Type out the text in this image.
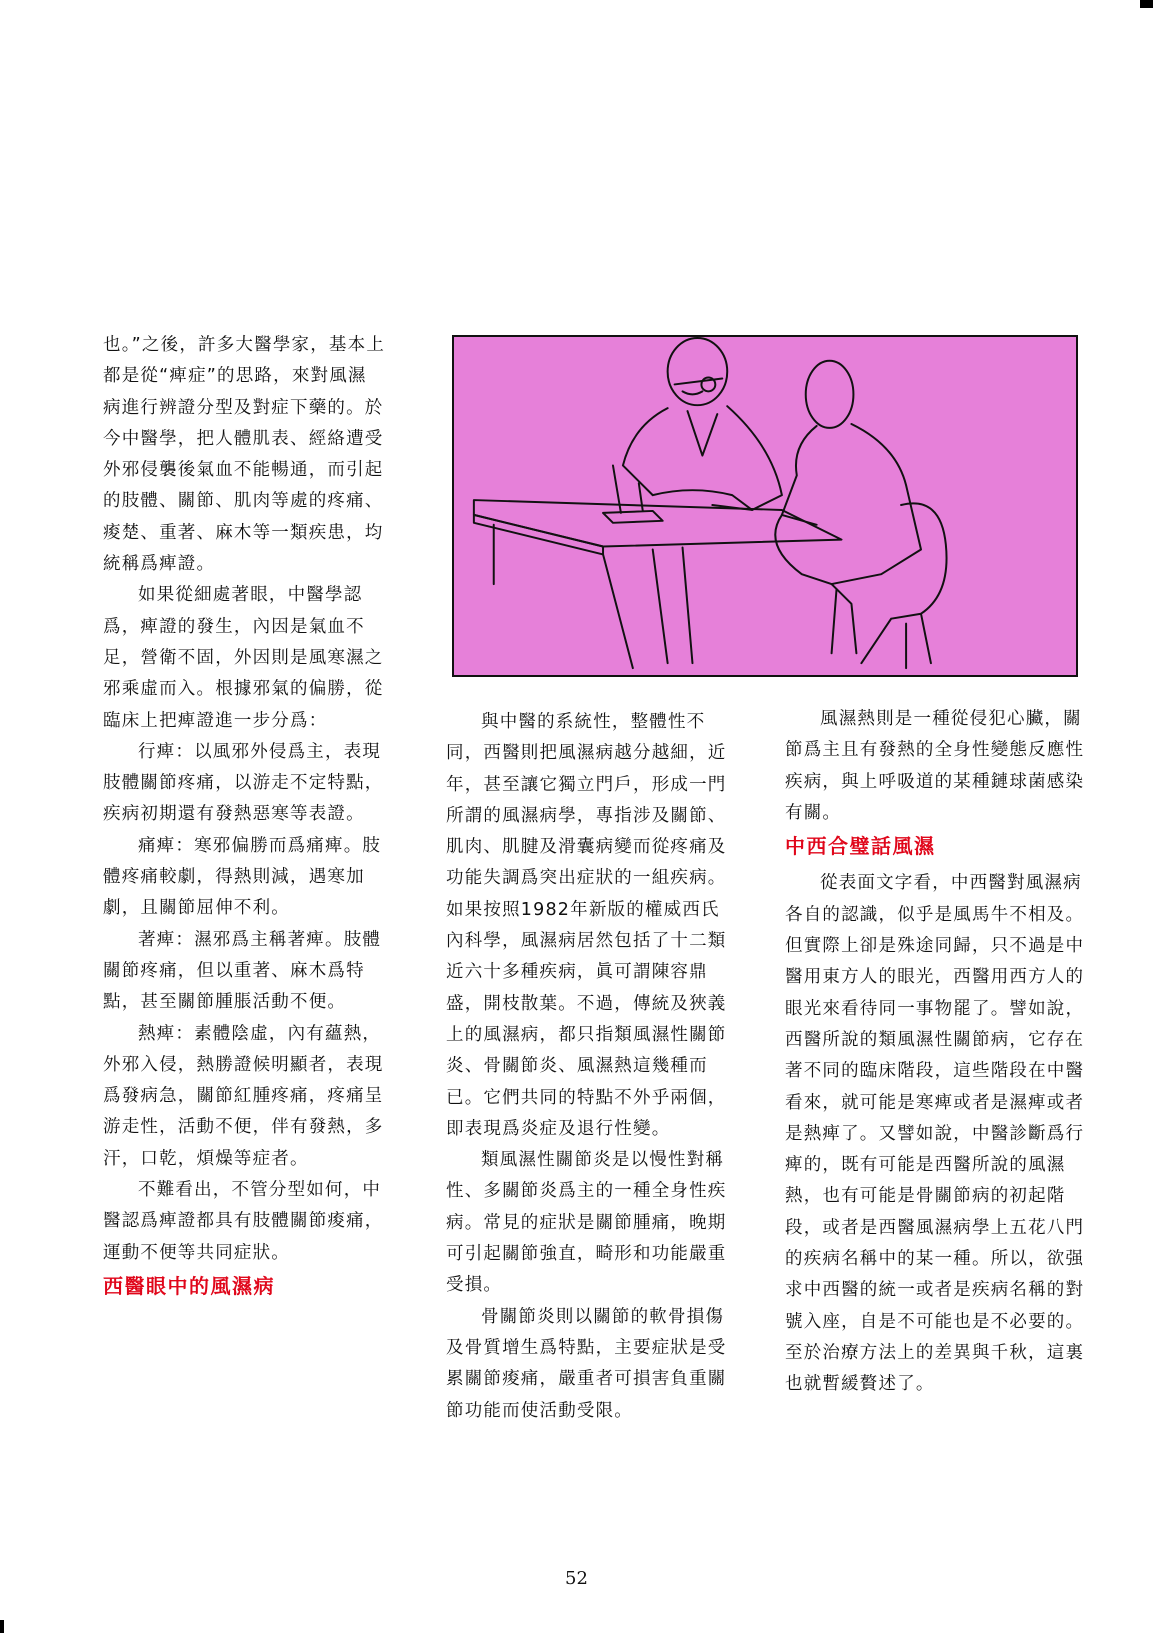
也。”之後，許多大醫學家，基本上都是從“痺症”的思路，來對風濕病進行辨證分型及對症下藥的。於今中醫學，把人體肌表、經絡遭受外邪侵襲後氣血不能暢通，而引起的肢體、關節、肌肉等處的疼痛、痠楚、重著、麻木等一類疾患，均統稱爲痺證。

如果從細處著眼，中醫學認爲，痺證的發生，內因是氣血不足，營衛不固，外因則是風寒濕之邪乘虛而入。根據邪氣的偏勝，從臨床上把痺證進一步分爲：

行痺：以風邪外侵爲主，表現肢體關節疼痛，以游走不定特點，疾病初期還有發熱惡寒等表證。

痛痺：寒邪偏勝而爲痛痺。肢體疼痛較劇，得熱則減，遇寒加劇，且關節屈伸不利。

著痺：濕邪爲主稱著痺。肢體關節疼痛，但以重著、麻木爲特點，甚至關節腫脹活動不便。

熱痺：素體陰虛，內有蘊熱，外邪入侵，熱勝證候明顯者，表現爲發病急，關節紅腫疼痛，疼痛呈游走性，活動不便，伴有發熱，多汗，口乾，煩燥等症者。

不難看出，不管分型如何，中醫認爲痺證都具有肢體關節痠痛，運動不便等共同症狀。

西醫眼中的風濕病

與中醫的系統性，整體性不同，西醫則把風濕病越分越細，近年，甚至讓它獨立門戶，形成一門所謂的風濕病學，專指涉及關節、肌肉、肌腱及滑囊病變而從疼痛及功能失調爲突出症狀的一組疾病。如果按照1982年新版的權威西氏內科學，風濕病居然包括了十二類近六十多種疾病，眞可謂陳容鼎盛，開枝散葉。不過，傳統及狹義上的風濕病，都只指類風濕性關節炎、骨關節炎、風濕熱這幾種而已。它們共同的特點不外乎兩個，即表現爲炎症及退行性變。

類風濕性關節炎是以慢性對稱性、多關節炎爲主的一種全身性疾病。常見的症狀是關節腫痛，晚期可引起關節強直，畸形和功能嚴重受損。

骨關節炎則以關節的軟骨損傷及骨質增生爲特點，主要症狀是受累關節痠痛，嚴重者可損害負重關節功能而使活動受限。

風濕熱則是一種從侵犯心臟，關節爲主且有發熱的全身性變態反應性疾病，與上呼吸道的某種鏈球菌感染有關。

中西合璧話風濕

從表面文字看，中西醫對風濕病各自的認識，似乎是風馬牛不相及。但實際上卻是殊途同歸，只不過是中醫用東方人的眼光，西醫用西方人的眼光來看待同一事物罷了。譬如說，西醫所說的類風濕性關節病，它存在著不同的臨床階段，這些階段在中醫看來，就可能是寒痺或者是濕痺或者是熱痺了。又譬如說，中醫診斷爲行痺的，既有可能是西醫所說的風濕熱，也有可能是骨關節病的初起階段，或者是西醫風濕病學上五花八門的疾病名稱中的某一種。所以，欲强求中西醫的統一或者是疾病名稱的對號入座，自是不可能也是不必要的。至於治療方法上的差異與千秋，這裏也就暫緩贅述了。

52
